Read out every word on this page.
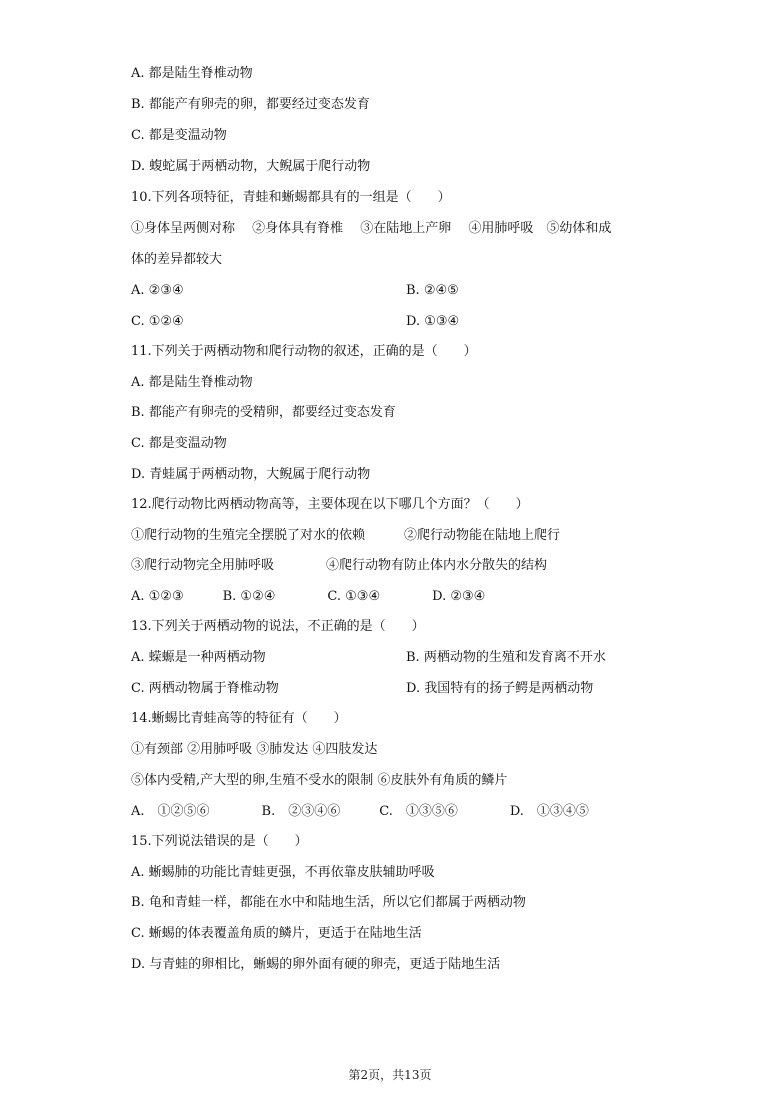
A. 都是陆生脊椎动物
B. 都能产有卵壳的卵，都要经过变态发育
C. 都是变温动物
D. 蝮蛇属于两栖动物，大鲵属于爬行动物
10.下列各项特征，青蛙和蜥蜴都具有的一组是（　　）
①身体呈两侧对称　 ②身体具有脊椎　 ③在陆地上产卵　 ④用肺呼吸　⑤幼体和成
体的差异都较大
A. ②③④	B. ②④⑤
C. ①②④	D. ①③④
11.下列关于两栖动物和爬行动物的叙述，正确的是（　　）
A. 都是陆生脊椎动物
B. 都能产有卵壳的受精卵，都要经过变态发育
C. 都是变温动物
D. 青蛙属于两栖动物，大鲵属于爬行动物
12.爬行动物比两栖动物高等，主要体现在以下哪几个方面？（　　）
①爬行动物的生殖完全摆脱了对水的依赖　　　②爬行动物能在陆地上爬行
③爬行动物完全用肺呼吸　　　　④爬行动物有防止体内水分散失的结构
A. ①②③　　　B. ①②④　　　　C. ①③④　　　　D. ②③④
13.下列关于两栖动物的说法，不正确的是（　　）
A. 蝾螈是一种两栖动物	B. 两栖动物的生殖和发育离不开水
C. 两栖动物属于脊椎动物	D. 我国特有的扬子鳄是两栖动物
14.蜥蜴比青蛙高等的特征有（　　）
①有颈部 ②用肺呼吸 ③肺发达 ④四肢发达
⑤体内受精,产大型的卵,生殖不受水的限制 ⑥皮肤外有角质的鳞片
A.　①②⑤⑥　　　　B.　②③④⑥　　　C.　①③⑤⑥　　　　D.　①③④⑤
15.下列说法错误的是（　　）
A. 蜥蜴肺的功能比青蛙更强，不再依靠皮肤辅助呼吸
B. 龟和青蛙一样，都能在水中和陆地生活，所以它们都属于两栖动物
C. 蜥蜴的体表覆盖角质的鳞片，更适于在陆地生活
D. 与青蛙的卵相比，蜥蜴的卵外面有硬的卵壳，更适于陆地生活
第2页，共13页
